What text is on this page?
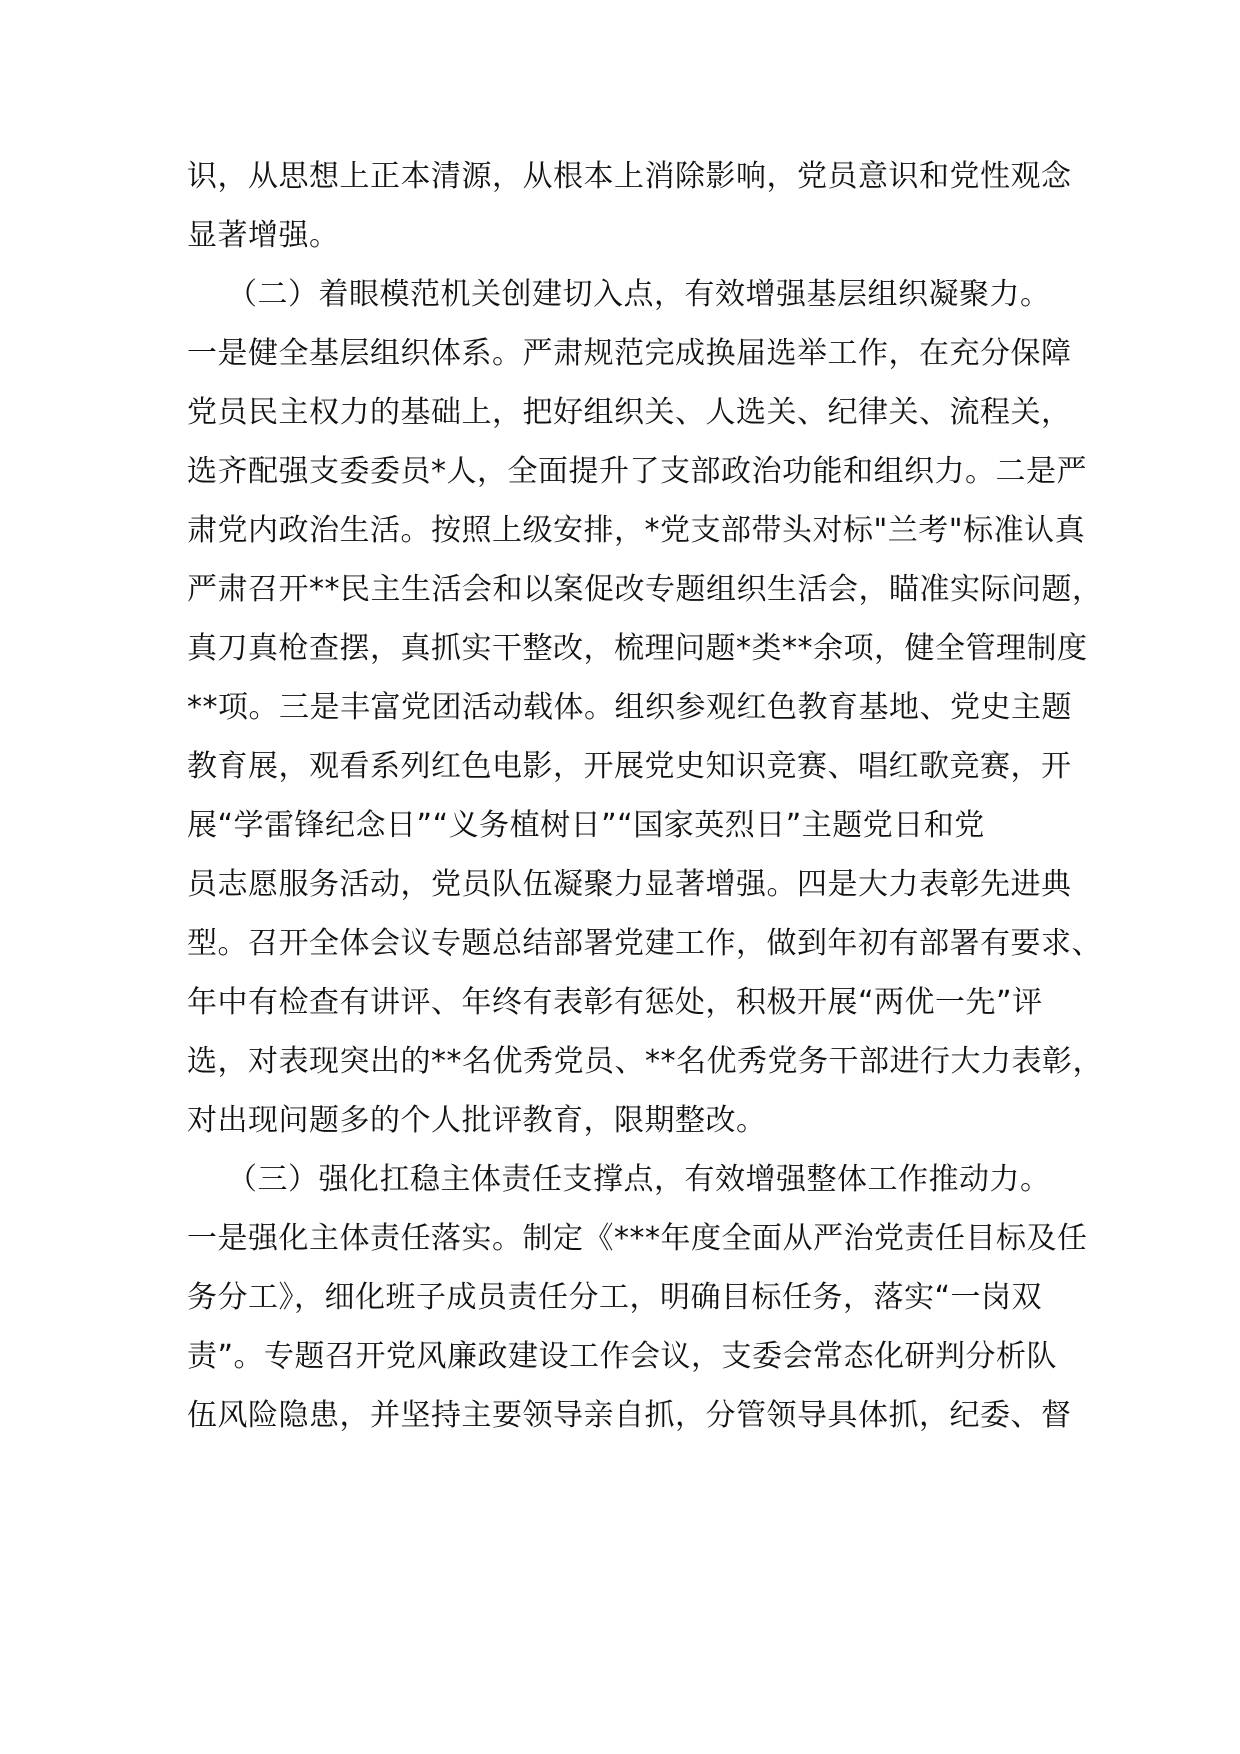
识，从思想上正本清源，从根本上消除影响，党员意识和党性观念
显著增强。
（二）着眼模范机关创建切入点，有效增强基层组织凝聚力。
一是健全基层组织体系。严肃规范完成换届选举工作，在充分保障
党员民主权力的基础上，把好组织关、人选关、纪律关、流程关，
选齐配强支委委员*人，全面提升了支部政治功能和组织力。二是严
肃党内政治生活。按照上级安排，*党支部带头对标"兰考"标准认真
严肃召开**民主生活会和以案促改专题组织生活会，瞄准实际问题，
真刀真枪查摆，真抓实干整改，梳理问题*类**余项，健全管理制度
**项。三是丰富党团活动载体。组织参观红色教育基地、党史主题
教育展，观看系列红色电影，开展党史知识竞赛、唱红歌竞赛，开
展“学雷锋纪念日”“义务植树日”“国家英烈日”主题党日和党
员志愿服务活动，党员队伍凝聚力显著增强。四是大力表彰先进典
型。召开全体会议专题总结部署党建工作，做到年初有部署有要求、
年中有检查有讲评、年终有表彰有惩处，积极开展“两优一先”评
选，对表现突出的**名优秀党员、**名优秀党务干部进行大力表彰，
对出现问题多的个人批评教育，限期整改。
（三）强化扛稳主体责任支撑点，有效增强整体工作推动力。
一是强化主体责任落实。制定《***年度全面从严治党责任目标及任
务分工》，细化班子成员责任分工，明确目标任务，落实“一岗双
责”。专题召开党风廉政建设工作会议，支委会常态化研判分析队
伍风险隐患，并坚持主要领导亲自抓，分管领导具体抓，纪委、督
